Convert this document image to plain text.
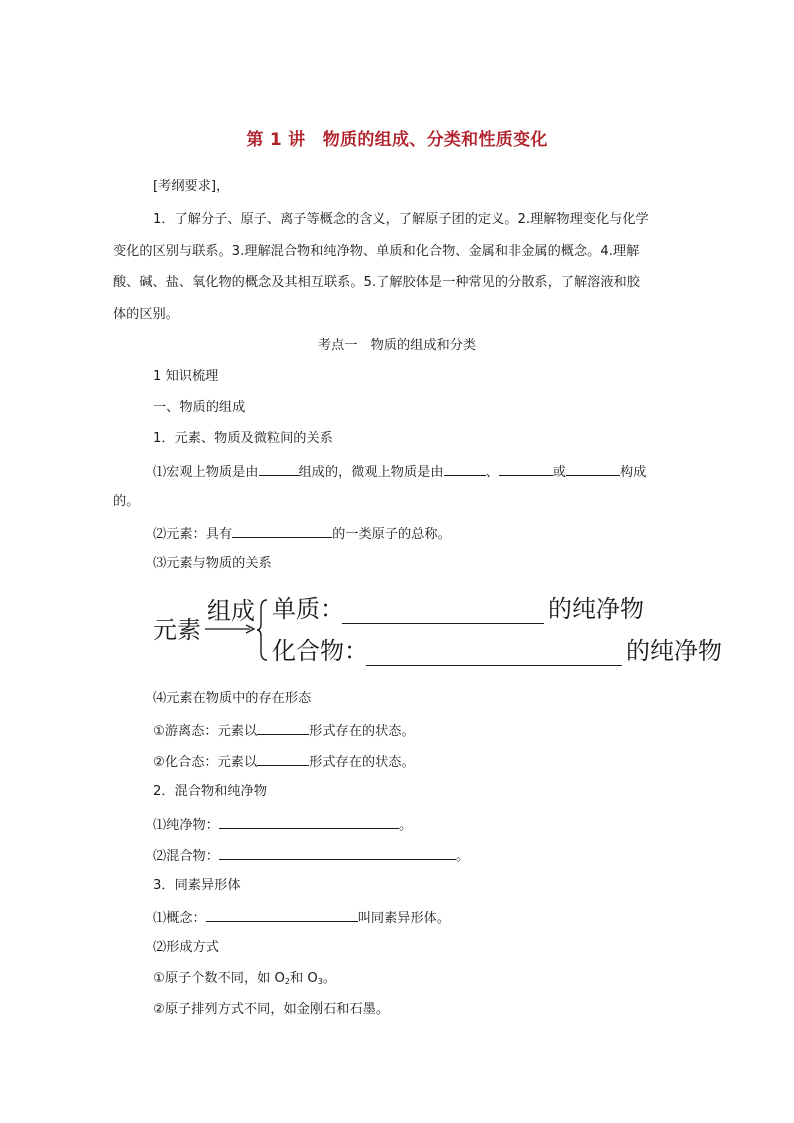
第 1 讲　物质的组成、分类和性质变化
[考纲要求]，
1．了解分子、原子、离子等概念的含义，了解原子团的定义。2.理解物理变化与化学
变化的区别与联系。3.理解混合物和纯净物、单质和化合物、金属和非金属的概念。4.理解
酸、碱、盐、氧化物的概念及其相互联系。5.了解胶体是一种常见的分散系，了解溶液和胶
体的区别。
考点一　物质的组成和分类
1 知识梳理
一、物质的组成
1．元素、物质及微粒间的关系
⑴宏观上物质是由	组成的，微观上物质是由	、	或	构成
的。
⑵元素：具有	的一类原子的总称。
⑶元素与物质的关系
元素
组成 单质：	的纯净物
化合物：	的纯净物
⑷元素在物质中的存在形态
①游离态：元素以	形式存在的状态。
②化合态：元素以	形式存在的状态。
2．混合物和纯净物
⑴纯净物：	。
⑵混合物：	。
3．同素异形体
⑴概念：	叫同素异形体。
⑵形成方式
①原子个数不同，如 $O_2$和 $O_3$。
②原子排列方式不同，如金刚石和石墨。
